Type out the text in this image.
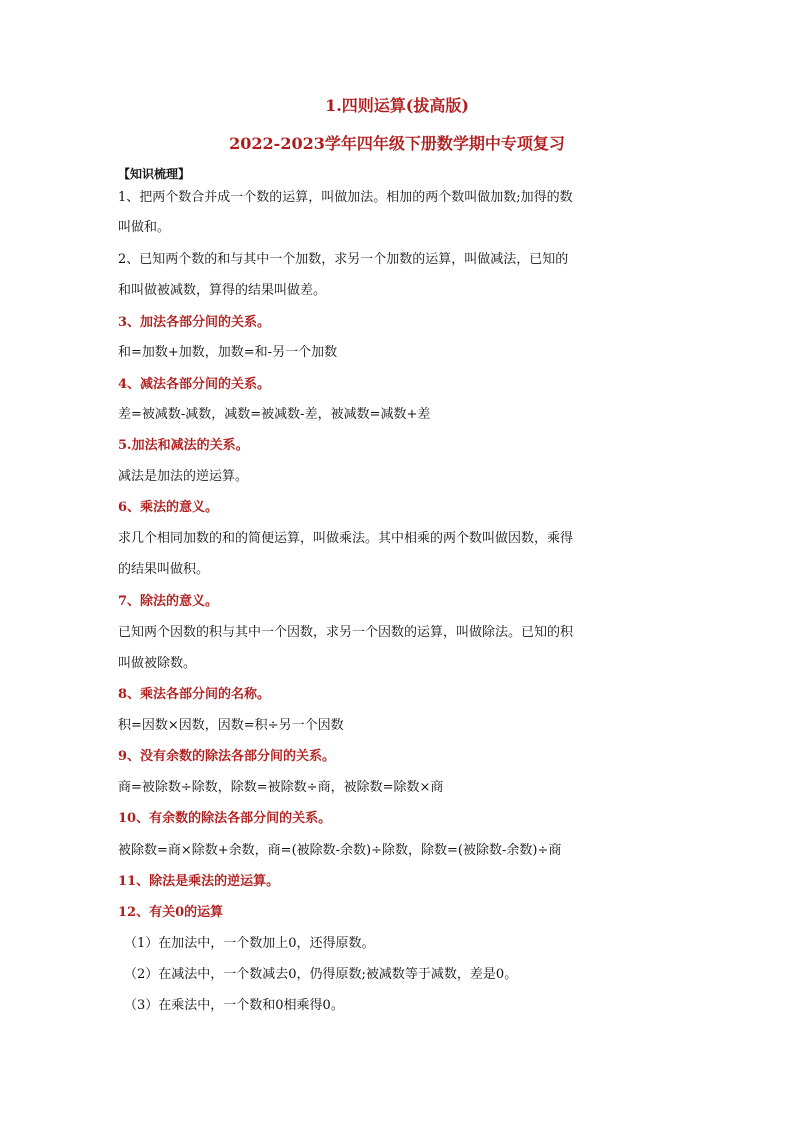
1.四则运算(拔高版)
2022-2023学年四年级下册数学期中专项复习
【知识梳理】
1、把两个数合并成一个数的运算，叫做加法。相加的两个数叫做加数;加得的数
叫做和。
2、已知两个数的和与其中一个加数，求另一个加数的运算，叫做减法，已知的
和叫做被减数，算得的结果叫做差。
3、加法各部分间的关系。
和=加数+加数，加数=和-另一个加数
4、减法各部分间的关系。
差=被减数-减数，减数=被减数-差，被减数=减数+差
5.加法和减法的关系。
减法是加法的逆运算。
6、乘法的意义。
求几个相同加数的和的简便运算，叫做乘法。其中相乘的两个数叫做因数，乘得
的结果叫做积。
7、除法的意义。
已知两个因数的积与其中一个因数，求另一个因数的运算，叫做除法。已知的积
叫做被除数。
8、乘法各部分间的名称。
积=因数×因数，因数=积÷另一个因数
9、没有余数的除法各部分间的关系。
商=被除数÷除数，除数=被除数÷商，被除数=除数×商
10、有余数的除法各部分间的关系。
被除数=商×除数+余数，商=(被除数-余数)÷除数，除数=(被除数-余数)÷商
11、除法是乘法的逆运算。
12、有关0的运算
（1）在加法中，一个数加上0，还得原数。
（2）在减法中，一个数减去0，仍得原数;被减数等于减数，差是0。
（3）在乘法中，一个数和0相乘得0。
